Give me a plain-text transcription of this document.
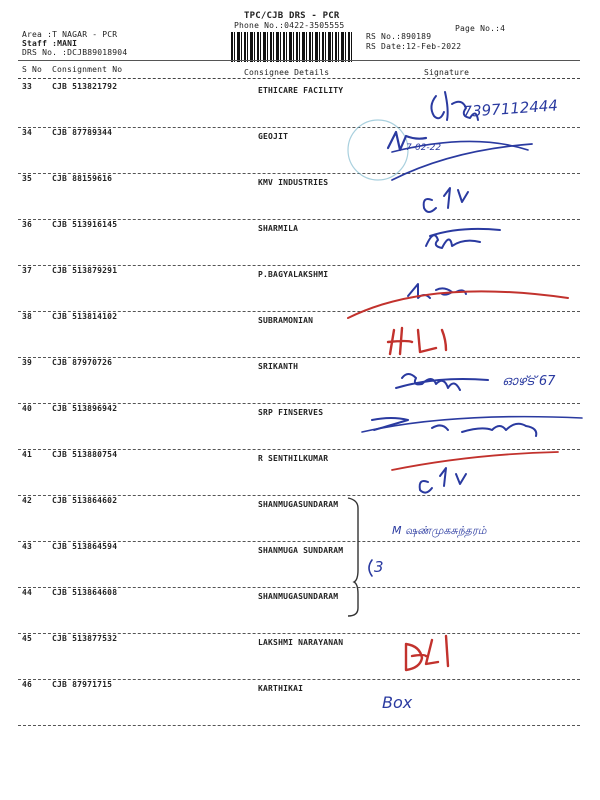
TPC/CJB DRS - PCR
Phone No.:0422-3505555
Area :T NAGAR - PCR
Staff :MANI
DRS No. :DCJB89018904
RS No.:890189
RS Date:12-Feb-2022
Page No.:4
S No Consignment No	Consignee Details	Signature
33 CJB 513821792	ETHICARE FACILITY
34 CJB 87789344	GEOJIT
35 CJB 88159616	KMV INDUSTRIES
36 CJB 513916145	SHARMILA
37 CJB 513879291	P.BAGYALAKSHMI
38 CJB 513814102	SUBRAMONIAN
39 CJB 87970726	SRIKANTH
40 CJB 513896942	SRP FINSERVES
41 CJB 513880754	R SENTHILKUMAR
42 CJB 513864602	SHANMUGASUNDARAM
43 CJB 513864594	SHANMUGA SUNDARAM
44 CJB 513864608	SHANMUGASUNDARAM
45 CJB 513877532	LAKSHMI NARAYANAN
46 CJB 87971715	KARTHIKAI
7397112444
7-02-22
ഓഴ്ട് 67
M ஷண்முகசுந்தரம்
3
Box
